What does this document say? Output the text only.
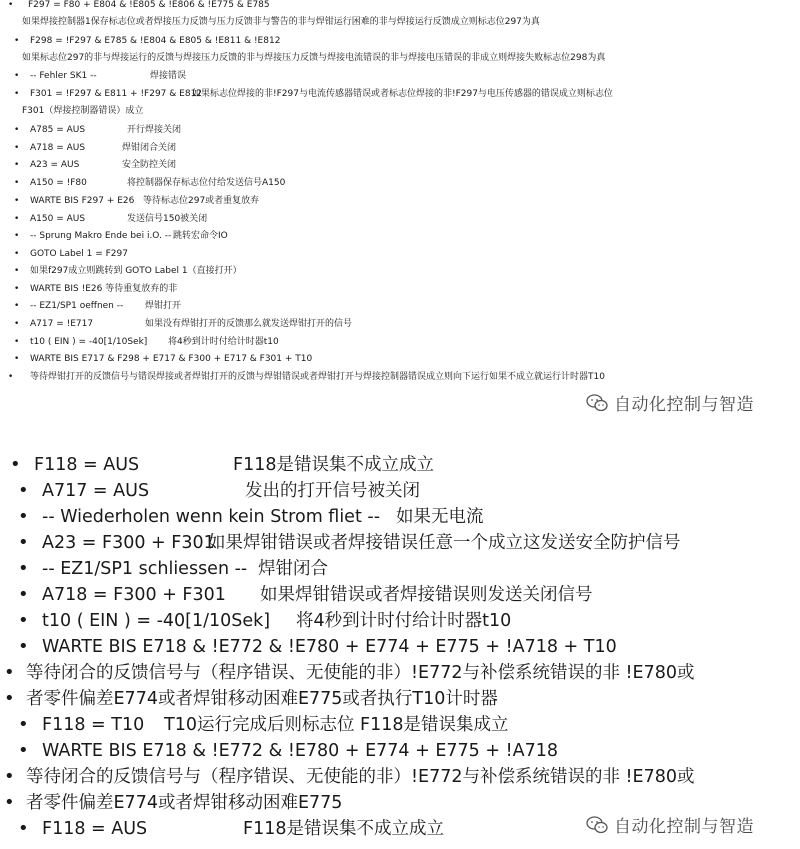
• F297 = F80 + E804 & !E805 & !E806 & !E775 & E785
如果焊接控制器1保存标志位或者焊接压力反馈与压力反馈非与警告的非与焊钳运行困难的非与焊接运行反馈成立则标志位297为真
• F298 = !F297 & E785 & !E804 & E805 & !E811 & !E812
如果标志位297的非与焊接运行的反馈与焊接压力反馈的非与焊接压力反馈与焊接电流错误的非与焊接电压错误的非成立则焊接失败标志位298为真
• -- Fehler SK1 --	焊接错误
• F301 = !F297 & E811 + !F297 & E812
如果标志位焊接的非!F297与电流传感器错误或者标志位焊接的非!F297与电压传感器的错误成立则标志位
F301（焊接控制器错误）成立
• A785 = AUS	开行焊接关闭
• A718 = AUS	焊钳闭合关闭
• A23 = AUS	安全防控关闭
• A150 = !F80	将控制器保存标志位付给发送信号A150
• WARTE BIS F297 + E26 等待标志位297或者重复放弃
• A150 = AUS	发送信号150被关闭
• -- Sprung Makro Ende bei i.O. -- 跳转宏命令IO
• GOTO Label 1 = F297
• 如果f297成立则跳转到 GOTO Label 1（直接打开）
• WARTE BIS !E26 等待重复放弃的非
• -- EZ1/SP1 oeffnen -- 焊钳打开
• A717 = !E717	如果没有焊钳打开的反馈那么就发送焊钳打开的信号
• t10 ( EIN ) = -40[1/10Sek] 将4秒到计时付给计时器t10
• WARTE BIS E717 & F298 + E717 & F300 + E717 & F301 + T10
• 等待焊钳打开的反馈信号与错误焊接或者焊钳打开的反馈与焊钳错误或者焊钳打开与焊接控制器错误成立则向下运行如果不成立就运行计时器T10
自动化控制与智造
• F118 = AUS	F118是错误集不成立成立
• A717 = AUS	发出的打开信号被关闭
• -- Wiederholen wenn kein Strom fliet -- 如果无电流
• A23 = F300 + F301
如果焊钳错误或者焊接错误任意一个成立这发送安全防护信号
• -- EZ1/SP1 schliessen -- 焊钳闭合
• A718 = F300 + F301 如果焊钳错误或者焊接错误则发送关闭信号
• t10 ( EIN ) = -40[1/10Sek] 将4秒到计时付给计时器t10
• WARTE BIS E718 & !E772 & !E780 + E774 + E775 + !A718 + T10
• 等待闭合的反馈信号与（程序错误、无使能的非）!E772与补偿系统错误的非 !E780或
• 者零件偏差E774或者焊钳移动困难E775或者执行T10计时器
• F118 = T10 T10运行完成后则标志位 F118是错误集成立
• WARTE BIS E718 & !E772 & !E780 + E774 + E775 + !A718
• 等待闭合的反馈信号与（程序错误、无使能的非）!E772与补偿系统错误的非 !E780或
• 者零件偏差E774或者焊钳移动困难E775
• F118 = AUS	F118是错误集不成立成立	自动化控制与智造
